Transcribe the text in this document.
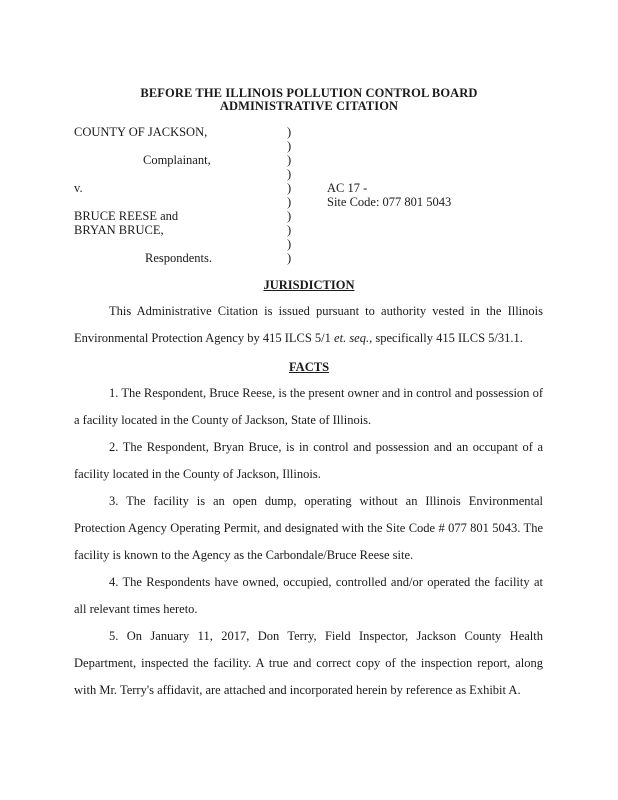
BEFORE THE ILLINOIS POLLUTION CONTROL BOARD
ADMINISTRATIVE CITATION
COUNTY OF JACKSON,
Complainant,
v.
BRUCE REESE and
BRYAN BRUCE,
Respondents.
)
)
)
)
)
)
)
)
)
)
AC 17 -
Site Code: 077 801 5043
JURISDICTION
This Administrative Citation is issued pursuant to authority vested in the Illinois Environmental Protection Agency by 415 ILCS 5/1 et. seq., specifically 415 ILCS 5/31.1.
FACTS
1. The Respondent, Bruce Reese, is the present owner and in control and possession of a facility located in the County of Jackson, State of Illinois.
2. The Respondent, Bryan Bruce, is in control and possession and an occupant of a facility located in the County of Jackson, Illinois.
3. The facility is an open dump, operating without an Illinois Environmental Protection Agency Operating Permit, and designated with the Site Code # 077 801 5043. The facility is known to the Agency as the Carbondale/Bruce Reese site.
4. The Respondents have owned, occupied, controlled and/or operated the facility at all relevant times hereto.
5. On January 11, 2017, Don Terry, Field Inspector, Jackson County Health Department, inspected the facility. A true and correct copy of the inspection report, along with Mr. Terry's affidavit, are attached and incorporated herein by reference as Exhibit A.
